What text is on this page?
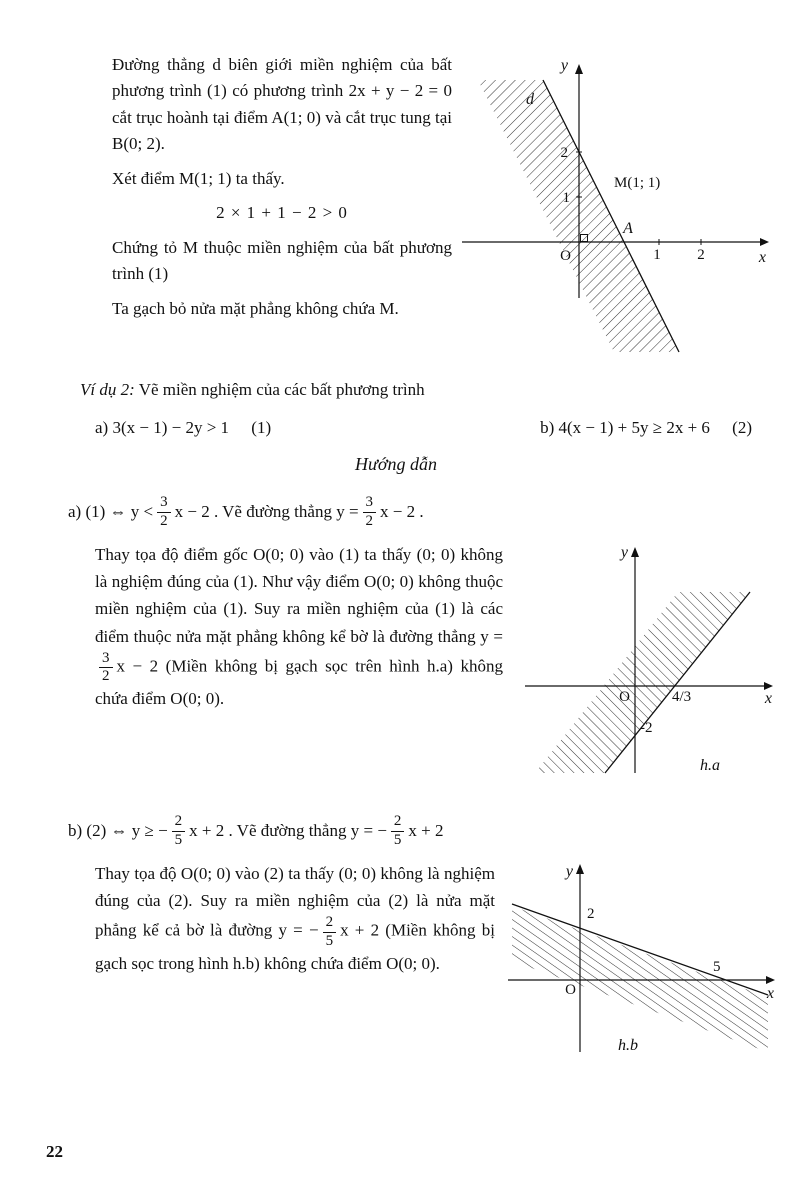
Đường thẳng d biên giới miền nghiệm của bất phương trình (1) có phương trình 2x + y − 2 = 0 cắt trục hoành tại điểm A(1; 0) và cắt trục tung tại B(0; 2).

Xét điểm M(1; 1) ta thấy.

2 × 1 + 1 − 2 > 0

Chứng tỏ M thuộc miền nghiệm của bất phương trình (1)

Ta gạch bỏ nửa mặt phẳng không chứa M.

y
x
O
d
A
M(1; 1)
1 2
1
2

Ví dụ 2: Vẽ miền nghiệm của các bất phương trình

a) 3(x − 1) − 2y > 1 (1)	b) 4(x − 1) + 5y ≥ 2x + 6 (2)

Hướng dẫn

a) (1) ⇔ $y < \frac{3}{2}$ x − 2 . Vẽ đường thẳng $y = \frac{3}{2}$ x − 2 .

Thay tọa độ điểm gốc O(0; 0) vào (1) ta thấy (0; 0) không là nghiệm đúng của (1). Như vậy điểm O(0; 0) không thuộc miền nghiệm của (1). Suy ra miền nghiệm của (1) là các điểm thuộc nửa mặt phẳng không kể bờ là đường thẳng y =
$\frac{3}{2}$ x − 2 (Miền không bị gạch sọc trên hình h.a) không chứa điểm O(0; 0).

y
x
O	4/3
-2
h.a
b) (2) ⇔ y ≥ − $\frac{2}{5}$ x + 2 . Vẽ đường thẳng y = − $\frac{2}{5}$ x + 2

Thay tọa độ O(0; 0) vào (2) ta thấy (0; 0) không là nghiệm đúng của (2). Suy ra miền nghiệm của (2) là nửa mặt phẳng kể cả bờ là đường y = − $\frac{2}{5}$ x + 2 (Miền không bị gạch sọc trong hình h.b) không chứa điểm O(0; 0).

y
x
O
2
5
h.b
22
